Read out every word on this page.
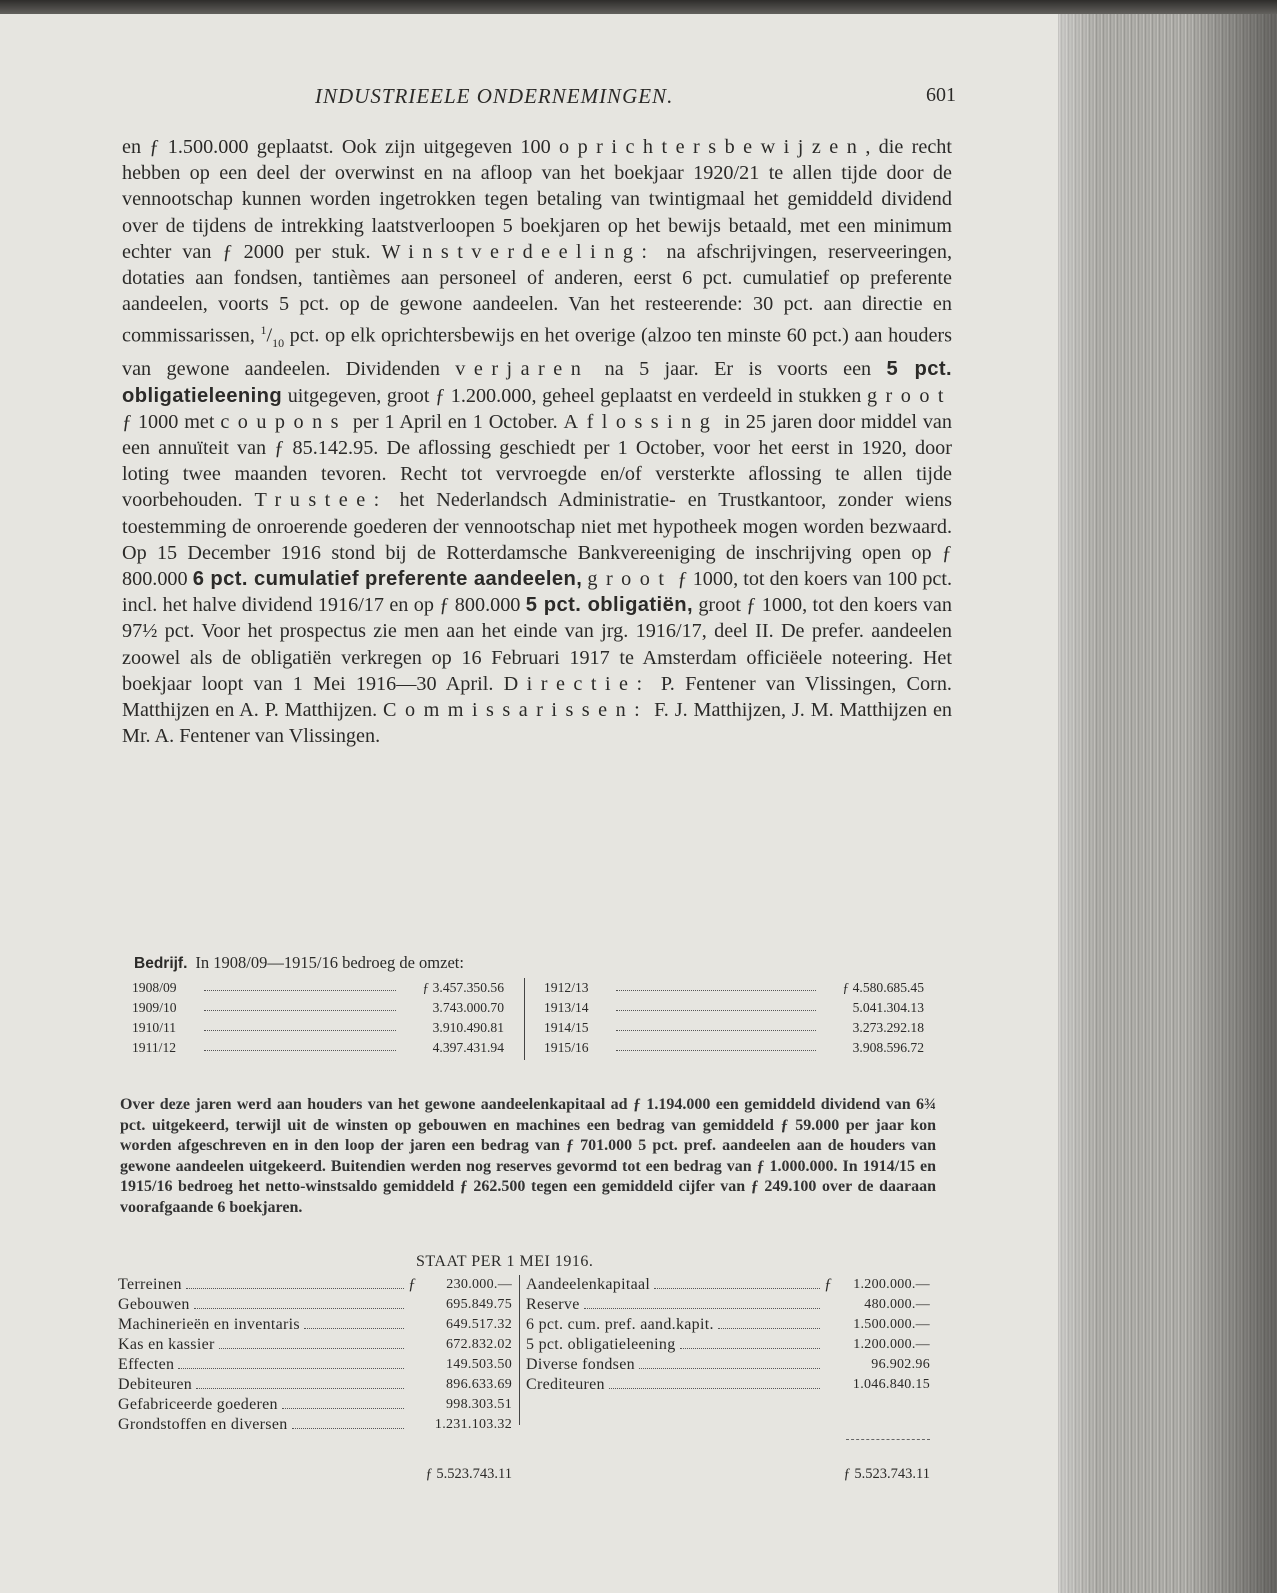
INDUSTRIEELE ONDERNEMINGEN.	601

en ƒ 1.500.000 geplaatst. Ook zijn uitgegeven 100 oprichtersbewijzen, die recht hebben op een deel der overwinst en na afloop van het boekjaar 1920/21 te allen tijde door de vennootschap kunnen worden ingetrokken tegen betaling van twintigmaal het gemiddeld dividend over de tijdens de intrekking laatstverloopen 5 boekjaren op het bewijs betaald, met een minimum echter van ƒ 2000 per stuk. Winstverdeeling: na afschrijvingen, reserveeringen, dotaties aan fondsen, tantièmes aan personeel of anderen, eerst 6 pct. cumulatief op preferente aandeelen, voorts 5 pct. op de gewone aandeelen. Van het resteerende: 30 pct. aan directie en commissarissen, $^1/_{10}$ pct. op elk oprichtersbewijs en het overige (alzoo ten minste 60 pct.) aan houders van gewone aandeelen. Dividenden verjaren na 5 jaar. Er is voorts een 5 pct. obligatieleening uitgegeven, groot ƒ 1.200.000, geheel geplaatst en verdeeld in stukken groot ƒ 1000 met coupons per 1 April en 1 October. Aflossing in 25 jaren door middel van een annuïteit van ƒ 85.142.95. De aflossing geschiedt per 1 October, voor het eerst in 1920, door loting twee maanden tevoren. Recht tot vervroegde en/of versterkte aflossing te allen tijde voorbehouden. Trustee: het Nederlandsch Administratie- en Trustkantoor, zonder wiens toestemming de onroerende goederen der vennootschap niet met hypotheek mogen worden bezwaard. Op 15 December 1916 stond bij de Rotterdamsche Bankvereeniging de inschrijving open op ƒ 800.000 6 pct. cumulatief preferente aandeelen, groot ƒ 1000, tot den koers van 100 pct. incl. het halve dividend 1916/17 en op ƒ 800.000 5 pct. obligatiën, groot ƒ 1000, tot den koers van 97½ pct. Voor het prospectus zie men aan het einde van jrg. 1916/17, deel II. De prefer. aandeelen zoowel als de obligatiën verkregen op 16 Februari 1917 te Amsterdam officiëele noteering. Het boekjaar loopt van 1 Mei 1916—30 April. Directie: P. Fentener van Vlissingen, Corn. Matthijzen en A. P. Matthijzen. Commissarissen: F. J. Matthijzen, J. M. Matthijzen en Mr. A. Fentener van Vlissingen.

Bedrijf. In 1908/09—1915/16 bedroeg de omzet:
1908/09	ƒ 3.457.350.56
1909/10	3.743.000.70
1910/11	3.910.490.81
1911/12	4.397.431.94
1912/13	ƒ 4.580.685.45
1913/14	5.041.304.13
1914/15	3.273.292.18
1915/16	3.908.596.72

Over deze jaren werd aan houders van het gewone aandeelenkapitaal ad ƒ 1.194.000 een gemiddeld dividend van 6¾ pct. uitgekeerd, terwijl uit de winsten op gebouwen en machines een bedrag van gemiddeld ƒ 59.000 per jaar kon worden afgeschreven en in den loop der jaren een bedrag van ƒ 701.000 5 pct. pref. aandeelen aan de houders van gewone aandeelen uitgekeerd. Buitendien werden nog reserves gevormd tot een bedrag van ƒ 1.000.000. In 1914/15 en 1915/16 bedroeg het netto-winstsaldo gemiddeld ƒ 262.500 tegen een gemiddeld cijfer van ƒ 249.100 over de daaraan voorafgaande 6 boekjaren.

STAAT PER 1 MEI 1916.
Terreinen	ƒ	230.000.—
Gebouwen	695.849.75
Machinerieën en inventaris	649.517.32
Kas en kassier	672.832.02
Effecten	149.503.50
Debiteuren	896.633.69
Gefabriceerde goederen	998.303.51
Grondstoffen en diversen	1.231.103.32
Aandeelenkapitaal	ƒ	1.200.000.—
Reserve	480.000.—
6 pct. cum. pref. aand.kapit.	1.500.000.—
5 pct. obligatieleening	1.200.000.—
Diverse fondsen	96.902.96
Crediteuren	1.046.840.15
ƒ 5.523.743.11	ƒ 5.523.743.11
